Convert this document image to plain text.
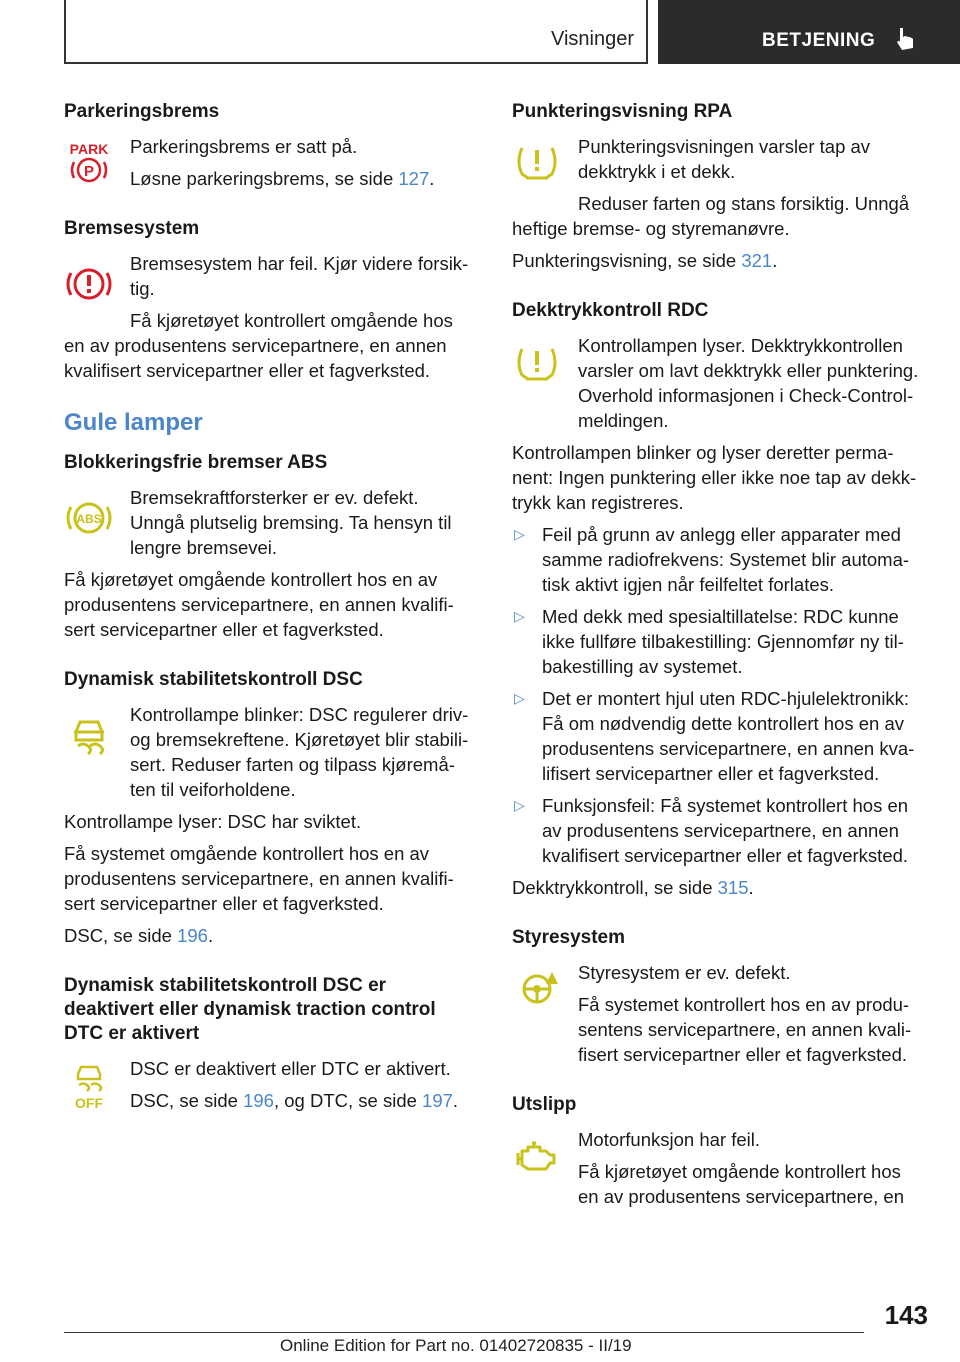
Visninger	BETJENING
Parkeringsbrems
PARK
P

Parkeringsbrems er satt på.

Løsne parkeringsbrems, se side 127.

Bremsesystem

Bremsesystem har feil. Kjør videre forsik-tig.

Få kjøretøyet kontrollert omgående hos en av produsentens servicepartnere, en annen kvalifisert servicepartner eller et fagverksted.

Gule lamper
Blokkeringsfrie bremser ABS
ABS

Bremsekraftforsterker er ev. defekt. Unngå plutselig bremsing. Ta hensyn til lengre bremsevei.

Få kjøretøyet omgående kontrollert hos en av produsentens servicepartnere, en annen kvalifi-sert servicepartner eller et fagverksted.

Dynamisk stabilitetskontroll DSC

Kontrollampe blinker: DSC regulerer driv- og bremsekreftene. Kjøretøyet blir stabili-sert. Reduser farten og tilpass kjøremå-ten til veiforholdene.

Kontrollampe lyser: DSC har sviktet.

Få systemet omgående kontrollert hos en av produsentens servicepartnere, en annen kvalifi-sert servicepartner eller et fagverksted.

DSC, se side 196.

Dynamisk stabilitetskontroll DSC er deaktivert eller dynamisk traction control DTC er aktivert
OFF

DSC er deaktivert eller DTC er aktivert.

DSC, se side 196, og DTC, se side 197.

Punkteringsvisning RPA

Punkteringsvisningen varsler tap av dekktrykk i et dekk.

Reduser farten og stans forsiktig. Unngå heftige bremse- og styremanøvre.

Punkteringsvisning, se side 321.

Dekktrykkontroll RDC

Kontrollampen lyser. Dekktrykkontrollen varsler om lavt dekktrykk eller punktering. Overhold informasjonen i Check-Control-meldingen.

Kontrollampen blinker og lyser deretter perma-nent: Ingen punktering eller ikke noe tap av dekk-trykk kan registreres.

▷ Feil på grunn av anlegg eller apparater med samme radiofrekvens: Systemet blir automa-tisk aktivt igjen når feilfeltet forlates.
▷ Med dekk med spesialtillatelse: RDC kunne ikke fullføre tilbakestilling: Gjennomfør ny til-bakestilling av systemet.
▷ Det er montert hjul uten RDC-hjulelektronikk: Få om nødvendig dette kontrollert hos en av produsentens servicepartnere, en annen kva-lifisert servicepartner eller et fagverksted.
▷ Funksjonsfeil: Få systemet kontrollert hos en av produsentens servicepartnere, en annen kvalifisert servicepartner eller et fagverksted.

Dekktrykkontroll, se side 315.

Styresystem

Styresystem er ev. defekt.

Få systemet kontrollert hos en av produ-sentens servicepartnere, en annen kvali-fisert servicepartner eller et fagverksted.

Utslipp

Motorfunksjon har feil.

Få kjøretøyet omgående kontrollert hos en av produsentens servicepartnere, en

143
Online Edition for Part no. 01402720835 - II/19
